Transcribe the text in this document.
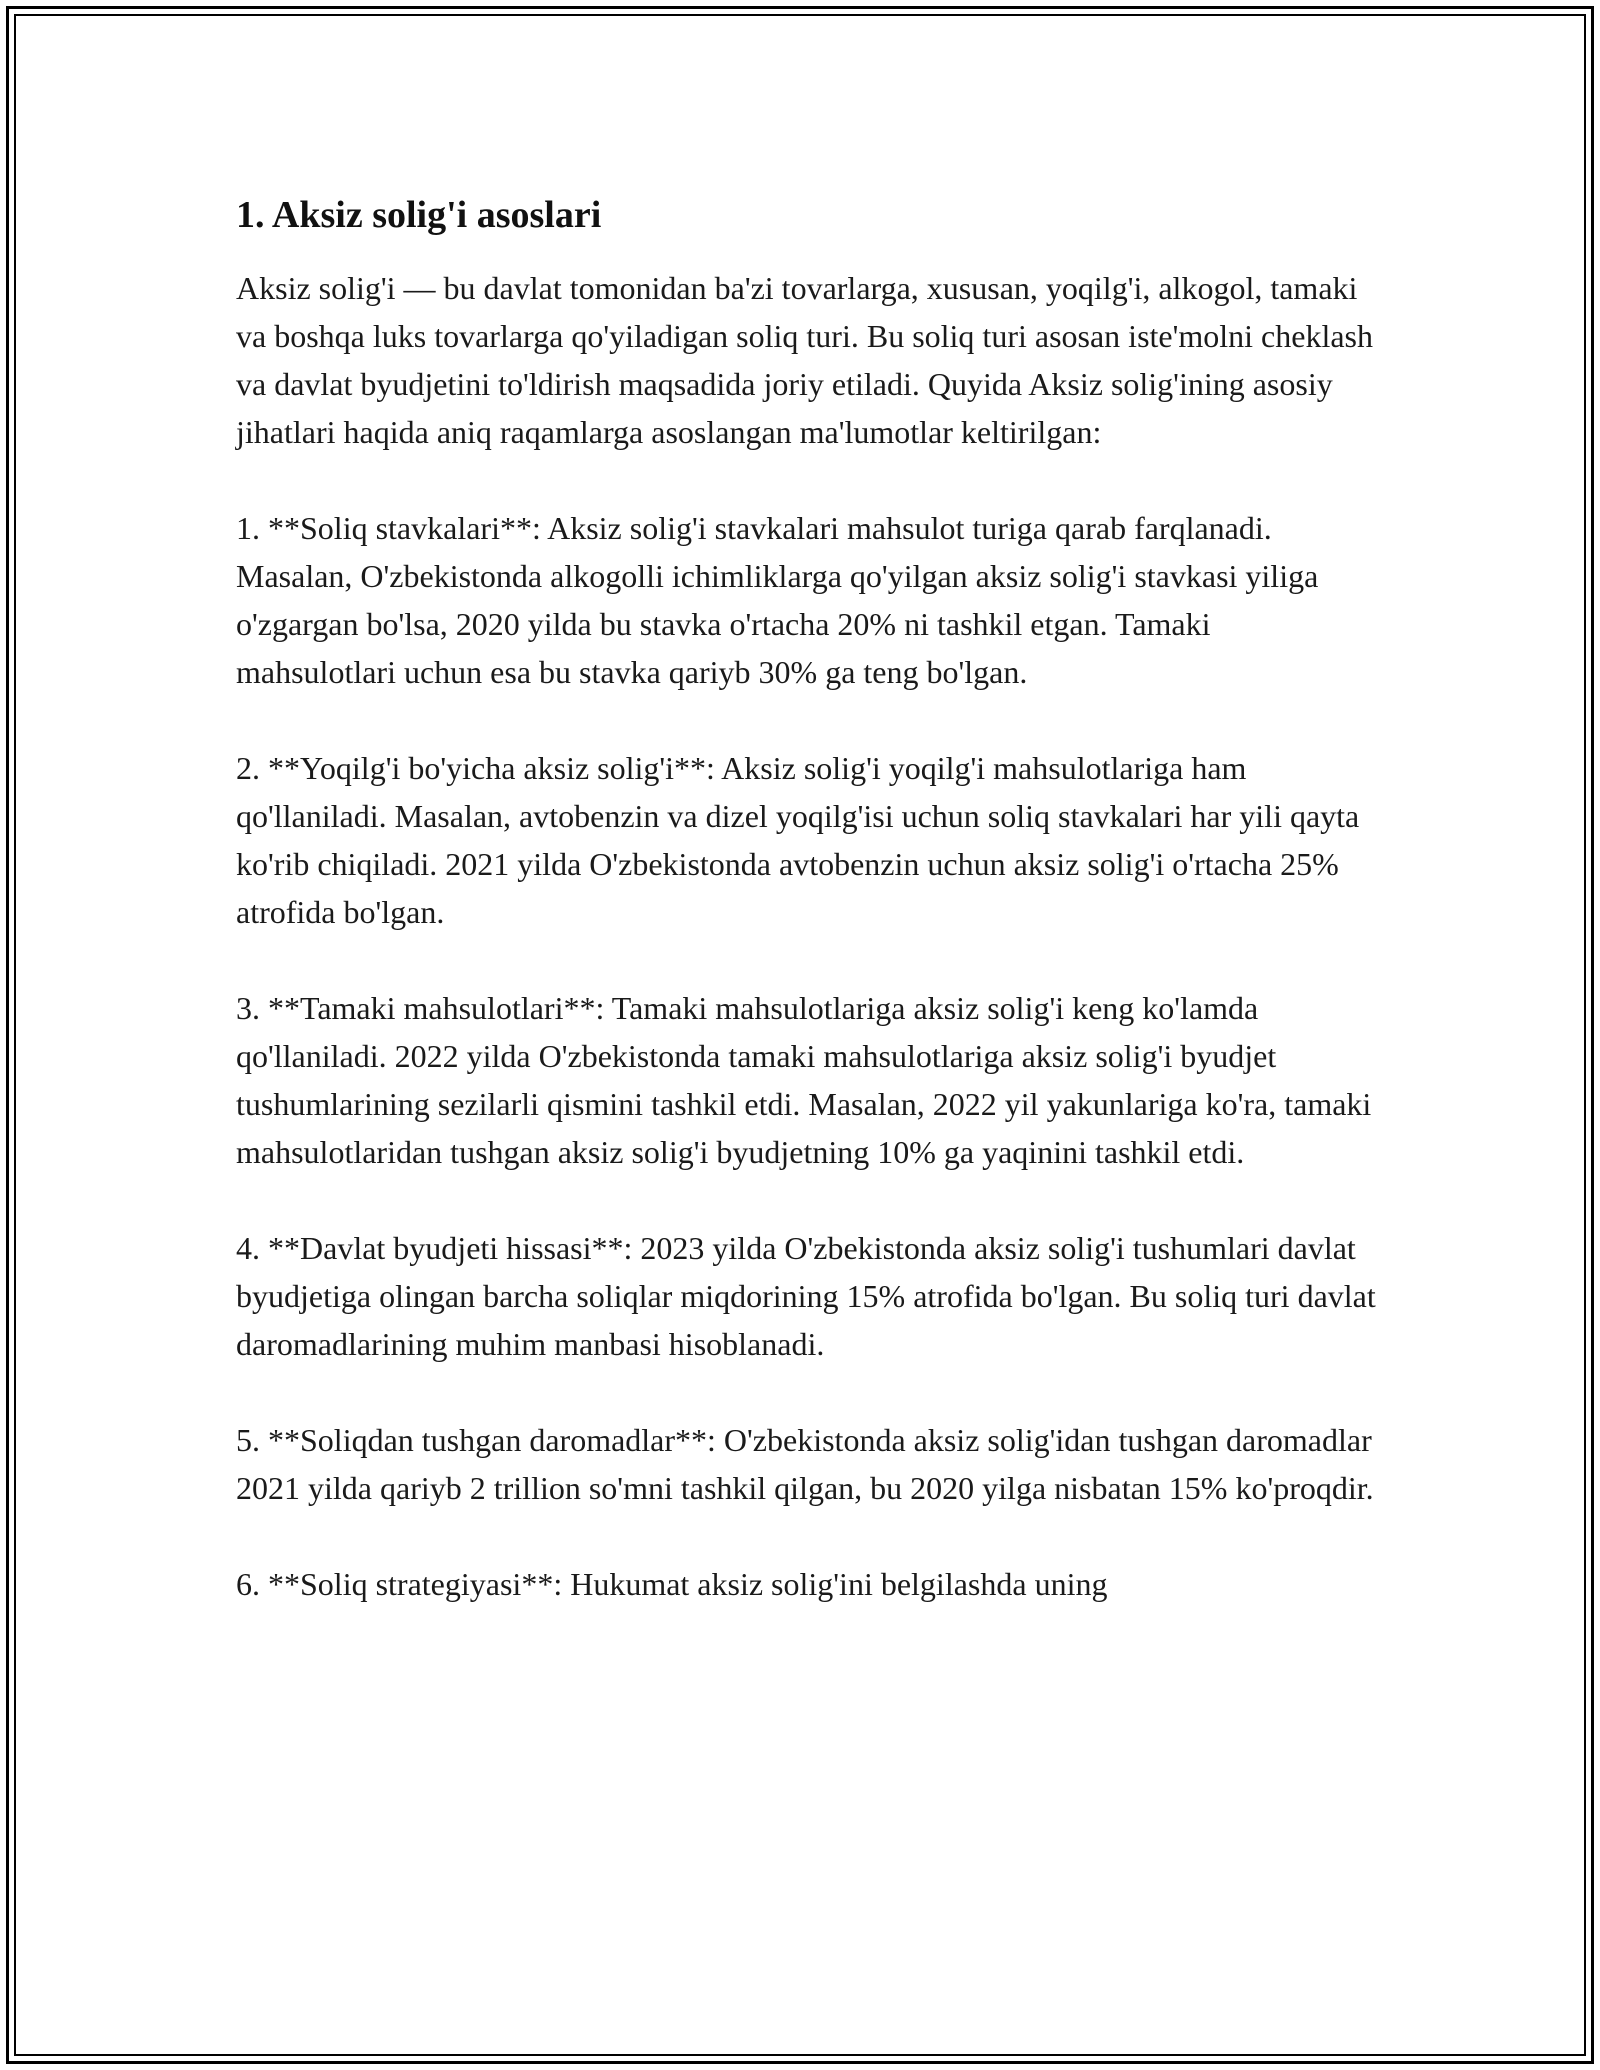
1. Aksiz solig'i asoslari

Aksiz solig'i — bu davlat tomonidan ba'zi tovarlarga, xususan, yoqilg'i, alkogol, tamaki va boshqa luks tovarlarga qo'yiladigan soliq turi. Bu soliq turi asosan iste'molni cheklash va davlat byudjetini to'ldirish maqsadida joriy etiladi. Quyida Aksiz solig'ining asosiy jihatlari haqida aniq raqamlarga asoslangan ma'lumotlar keltirilgan:

1. **Soliq stavkalari**: Aksiz solig'i stavkalari mahsulot turiga qarab farqlanadi. Masalan, O'zbekistonda alkogolli ichimliklarga qo'yilgan aksiz solig'i stavkasi yiliga o'zgargan bo'lsa, 2020 yilda bu stavka o'rtacha 20% ni tashkil etgan. Tamaki mahsulotlari uchun esa bu stavka qariyb 30% ga teng bo'lgan.

2. **Yoqilg'i bo'yicha aksiz solig'i**: Aksiz solig'i yoqilg'i mahsulotlariga ham qo'llaniladi. Masalan, avtobenzin va dizel yoqilg'isi uchun soliq stavkalari har yili qayta ko'rib chiqiladi. 2021 yilda O'zbekistonda avtobenzin uchun aksiz solig'i o'rtacha 25% atrofida bo'lgan.

3. **Tamaki mahsulotlari**: Tamaki mahsulotlariga aksiz solig'i keng ko'lamda qo'llaniladi. 2022 yilda O'zbekistonda tamaki mahsulotlariga aksiz solig'i byudjet tushumlarining sezilarli qismini tashkil etdi. Masalan, 2022 yil yakunlariga ko'ra, tamaki mahsulotlaridan tushgan aksiz solig'i byudjetning 10% ga yaqinini tashkil etdi.

4. **Davlat byudjeti hissasi**: 2023 yilda O'zbekistonda aksiz solig'i tushumlari davlat byudjetiga olingan barcha soliqlar miqdorining 15% atrofida bo'lgan. Bu soliq turi davlat daromadlarining muhim manbasi hisoblanadi.

5. **Soliqdan tushgan daromadlar**: O'zbekistonda aksiz solig'idan tushgan daromadlar 2021 yilda qariyb 2 trillion so'mni tashkil qilgan, bu 2020 yilga nisbatan 15% ko'proqdir.

6. **Soliq strategiyasi**: Hukumat aksiz solig'ini belgilashda uning
